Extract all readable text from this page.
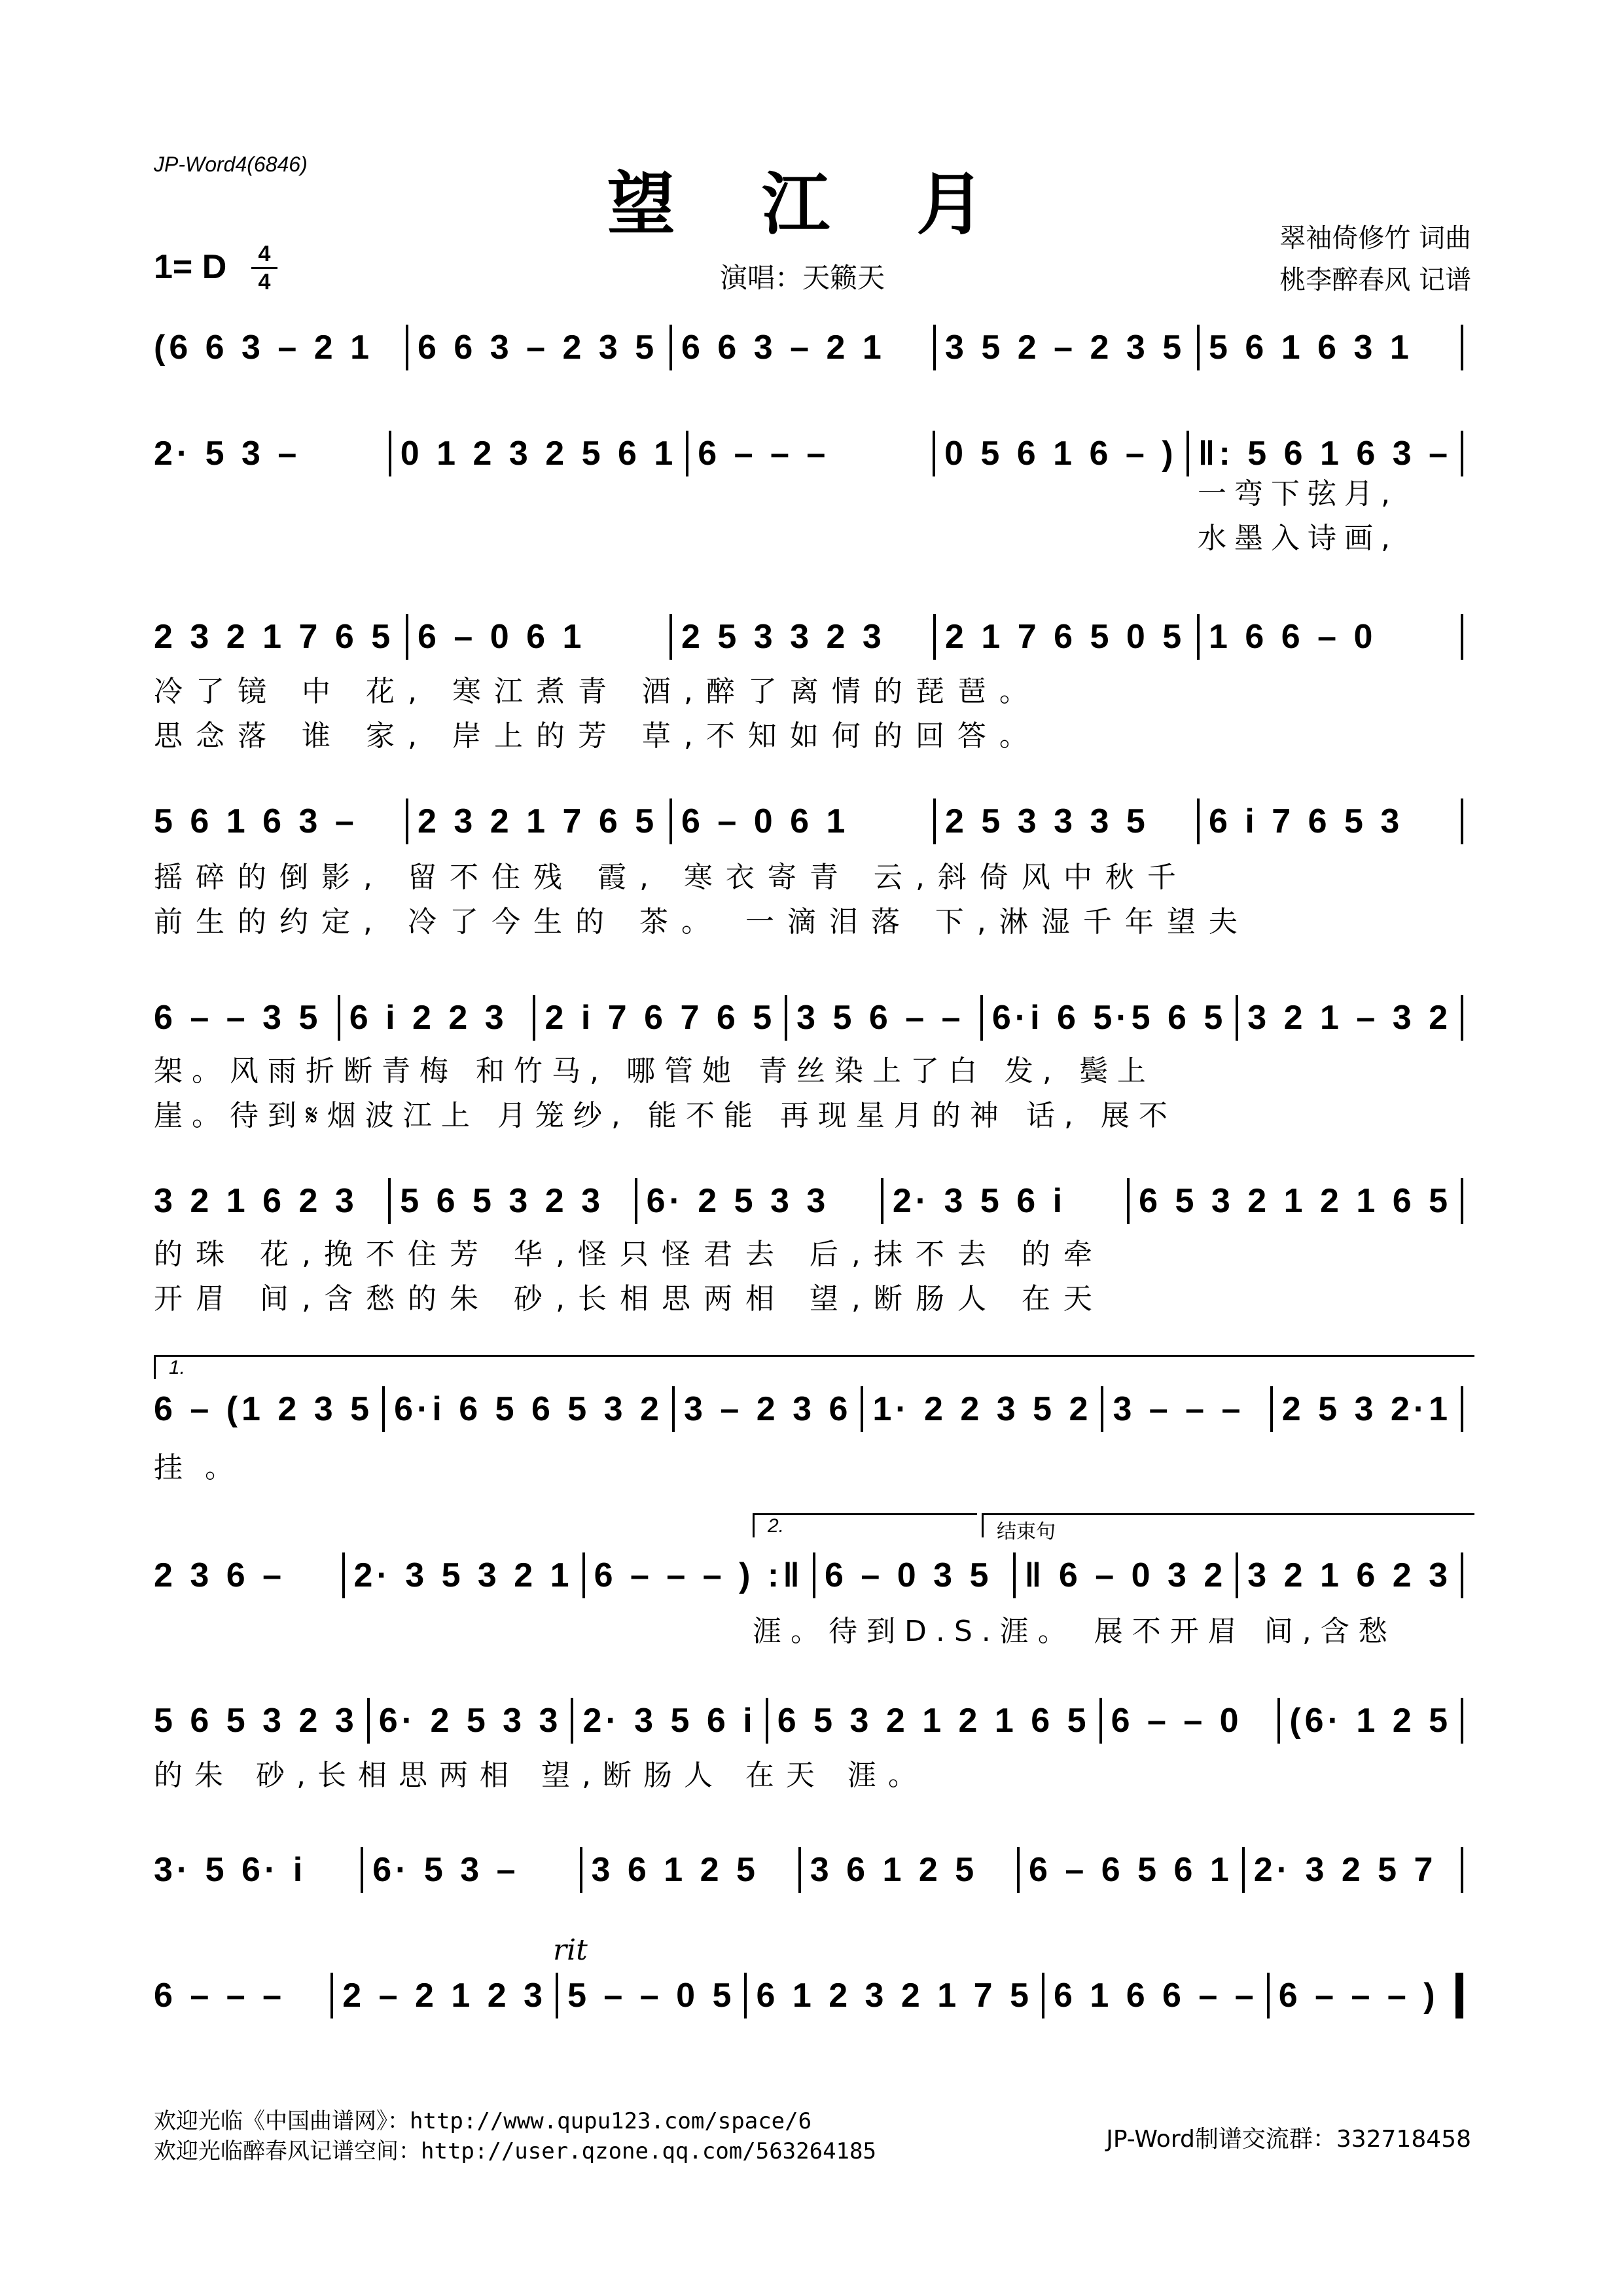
JP-Word4(6846)	望 江 月	翠袖倚修竹 词曲
桃李醉春风 记谱
演唱：天籁天
1= D	4
4
(6 6 3 – 2 1	6 6 3 – 2 3 5 6 6 3 – 2 1	3 5 2 – 2 3 5 5 6 1 6 3 1
2· 5 3 –	0 1 2 3 2 5 6 1 6 – – –	0 5 6 1 6 – ) ‖: 5 6 1 6 3 –
一弯下弦月,
水墨入诗画,
2 3 2 1 7 6 5 6 – 0 6 1	2 5 3 3 2 3	2 1 7 6 5 0 5 1 6 6 – 0
冷了镜 中 花, 寒江煮青 酒,醉了离情的琵琶。
思念落 谁 家, 岸上的芳 草,不知如何的回答。
5 6 1 6 3 –	2 3 2 1 7 6 5 6 – 0 6 1	2 5 3 3 3 5	6 i 7 6 5 3
摇碎的倒影, 留不住残 霞, 寒衣寄青 云,斜倚风中秋千
前生的约定, 冷了今生的 茶。 一滴泪落 下,淋湿千年望夫
6 – – 3 5 6 i 2 2 3	2 i 7 6 7 6 5 3 5 6 – – 6·i 6 5·5 6 5 3 2 1 – 3 2
架。风雨折断青梅 和竹马, 哪管她 青丝染上了白 发, 鬓上
崖。待到𝄋烟波江上 月笼纱, 能不能 再现星月的神 话, 展不
3 2 1 6 2 3	5 6 5 3 2 3	6· 2 5 3 3	2· 3 5 6 i	6 5 3 2 1 2 1 6 5
的珠 花,挽不住芳 华,怪只怪君去 后,抹不去 的牵
开眉 间,含愁的朱 砂,长相思两相 望,断肠人 在天
1.
6 – (1 2 3 5 6·i 6 5 6 5 3 2 3 – 2 3 6 1· 2 2 3 5 2 3 – – –	2 5 3 2·1
挂。
2.	结束句
2 3 6 –	2· 3 5 3 2 1 6 – – – ) :‖ 6 – 0 3 5 ‖ 6 – 0 3 2 3 2 1 6 2 3
涯。待到D.S.涯。 展不开眉 间,含愁
5 6 5 3 2 3 6· 2 5 3 3 2· 3 5 6 i 6 5 3 2 1 2 1 6 5 6 – – 0	(6· 1 2 5
的朱 砂,长相思两相 望,断肠人 在天 涯。
3· 5 6· i	6· 5 3 –	3 6 1 2 5	3 6 1 2 5	6 – 6 5 6 1 2· 3 2 5 7
rit
6 – – –	2 – 2 1 2 3 5 – – 0 5 6 1 2 3 2 1 7 5 6 1 6 6 – – 6 – – – )
欢迎光临《中国曲谱网》：http://www.qupu123.com/space/6
欢迎光临醉春风记谱空间：http://user.qzone.qq.com/563264185	JP-Word制谱交流群：332718458
